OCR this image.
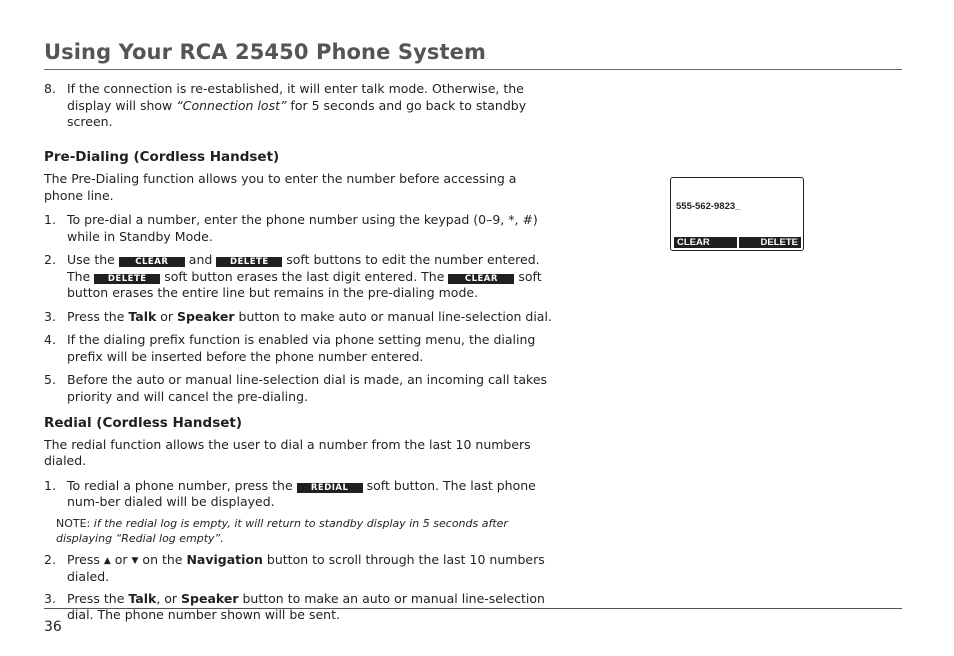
Using Your RCA 25450 Phone System
8. If the connection is re-established, it will enter talk mode. Otherwise, the display will show “Connection lost” for 5 seconds and go back to standby screen.
Pre-Dialing (Cordless Handset)

The Pre-Dialing function allows you to enter the number before accessing a phone line.

1. To pre-dial a number, enter the phone number using the keypad (0–9, *, #) while in Standby Mode.
2. Use the CLEAR and DELETE soft buttons to edit the number entered. The DELETE soft button erases the last digit entered. The CLEAR soft button erases the entire line but remains in the pre-dialing mode.
3. Press the Talk or Speaker button to make auto or manual line-selection dial.
4. If the dialing prefix function is enabled via phone setting menu, the dialing prefix will be inserted before the phone number entered.
5. Before the auto or manual line-selection dial is made, an incoming call takes priority and will cancel the pre-dialing.
Redial (Cordless Handset)

The redial function allows the user to dial a number from the last 10 numbers dialed.

1. To redial a phone number, press the REDIAL soft button. The last phone num-ber dialed will be displayed.
NOTE: if the redial log is empty, it will return to standby display in 5 seconds after displaying “Redial log empty”.
2. Press ▲ or ▼ on the Navigation button to scroll through the last 10 numbers dialed.
3. Press the Talk, or Speaker button to make an auto or manual line-selection dial. The phone number shown will be sent.
555-562-9823_
CLEAR	DELETE
36
